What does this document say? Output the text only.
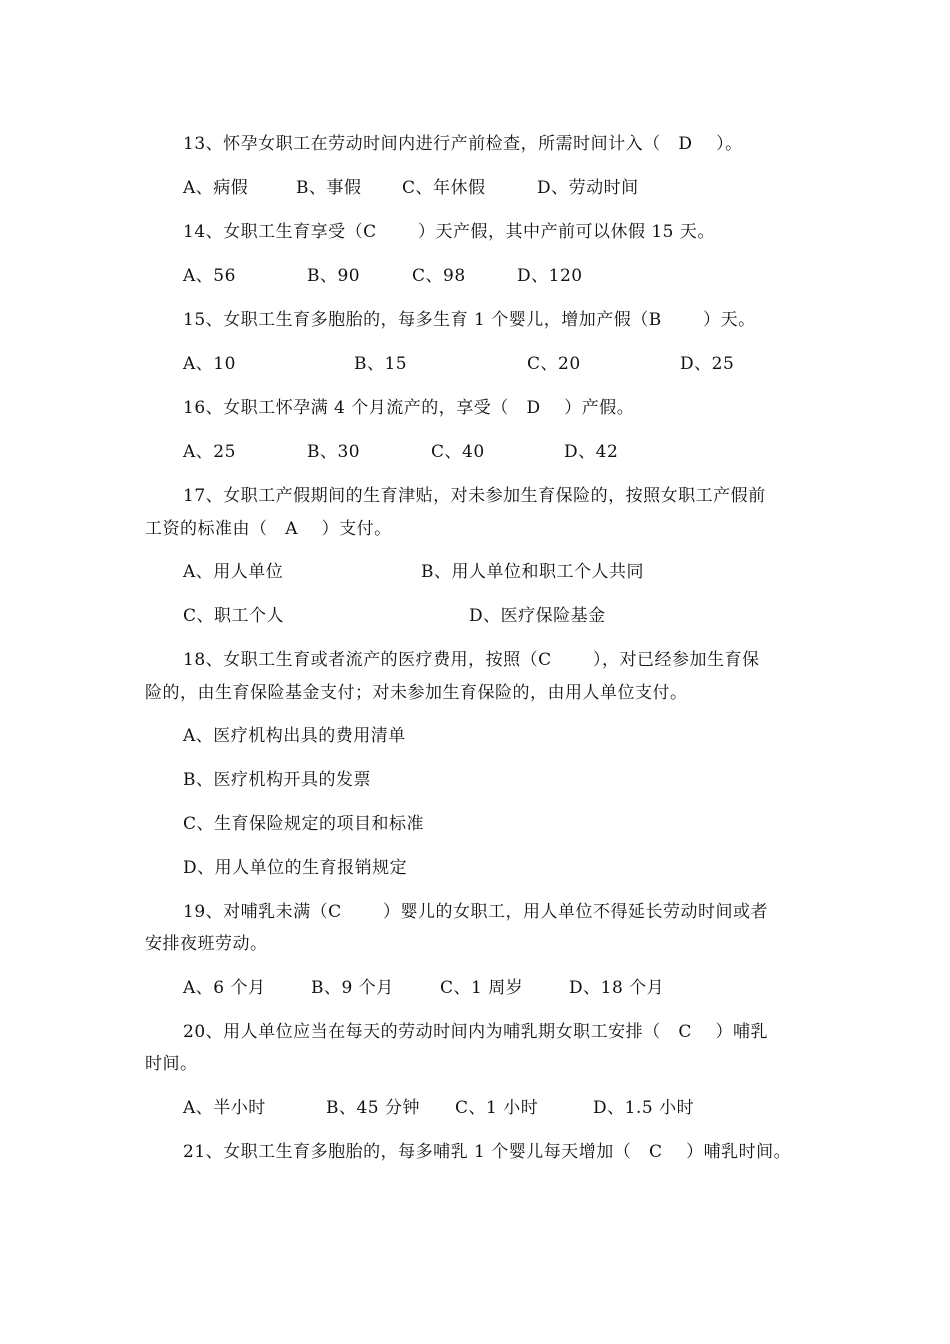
13、怀孕女职工在劳动时间内进行产前检查，所需时间计入（   D    ）。
A、病假	B、事假 C、年休假	D、劳动时间
14、女职工生育享受（C       ）天产假，其中产前可以休假 15 天。
A、56	B、90	C、98	D、120
15、女职工生育多胞胎的，每多生育 1 个婴儿，增加产假（B       ）天。
A、10	B、15	C、20	D、25
16、女职工怀孕满 4 个月流产的，享受（   D    ）产假。
A、25	B、30	C、40	D、42
17、女职工产假期间的生育津贴，对未参加生育保险的，按照女职工产假前
工资的标准由（   A    ）支付。
A、用人单位	B、用人单位和职工个人共同
C、职工个人	D、医疗保险基金
18、女职工生育或者流产的医疗费用，按照（C       ），对已经参加生育保
险的，由生育保险基金支付；对未参加生育保险的，由用人单位支付。
A、医疗机构出具的费用清单
B、医疗机构开具的发票
C、生育保险规定的项目和标准
D、用人单位的生育报销规定
19、对哺乳未满（C       ）婴儿的女职工，用人单位不得延长劳动时间或者
安排夜班劳动。
A、6 个月	B、9 个月	C、1 周岁	D、18 个月
20、用人单位应当在每天的劳动时间内为哺乳期女职工安排（   C    ）哺乳
时间。
A、半小时	B、45 分钟 C、1 小时	D、1.5 小时
21、女职工生育多胞胎的，每多哺乳 1 个婴儿每天增加（   C    ）哺乳时间。
